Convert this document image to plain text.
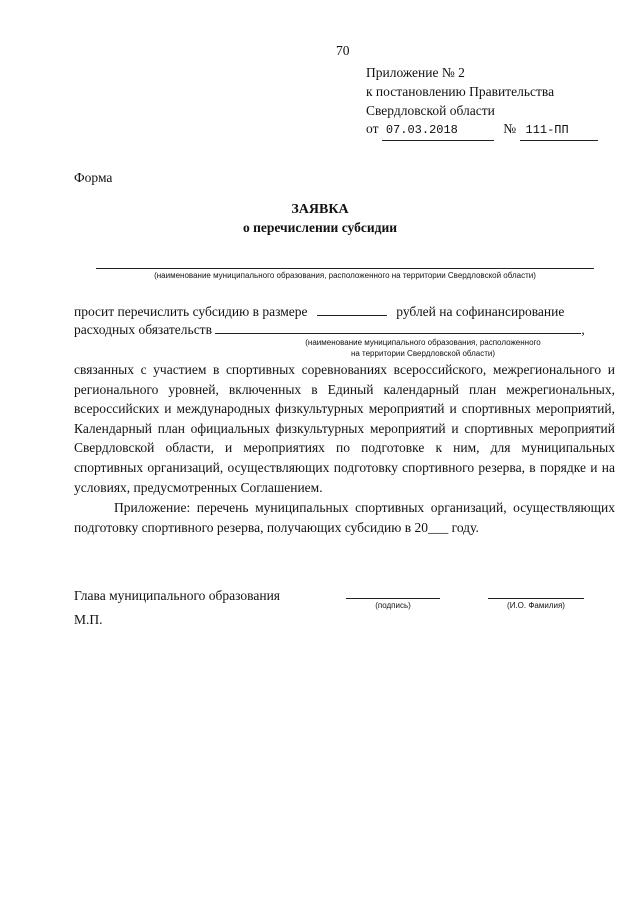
70
Приложение № 2
к постановлению Правительства
Свердловской области
от 07.03.2018	№ 111-ПП
Форма
ЗАЯВКА
о перечислении субсидии
(наименование муниципального образования, расположенного на территории Свердловской области)
просит перечислить субсидию в размере	рублей на софинансирование
расходных обязательств	,
(наименование муниципального образования, расположенного
на территории Свердловской области)
связанных с участием в спортивных соревнованиях всероссийского, межрегионального и регионального уровней, включенных в Единый календарный план межрегиональных, всероссийских и международных физкультурных мероприятий и спортивных мероприятий, Календарный план официальных физкультурных мероприятий и спортивных мероприятий Свердловской области, и мероприятиях по подготовке к ним, для муниципальных спортивных организаций, осуществляющих подготовку спортивного резерва, в порядке и на условиях, предусмотренных Соглашением.
Приложение: перечень муниципальных спортивных организаций, осуществляющих подготовку спортивного резерва, получающих субсидию в 20___ году.
Глава муниципального образования
(подпись)	(И.О. Фамилия)
М.П.
